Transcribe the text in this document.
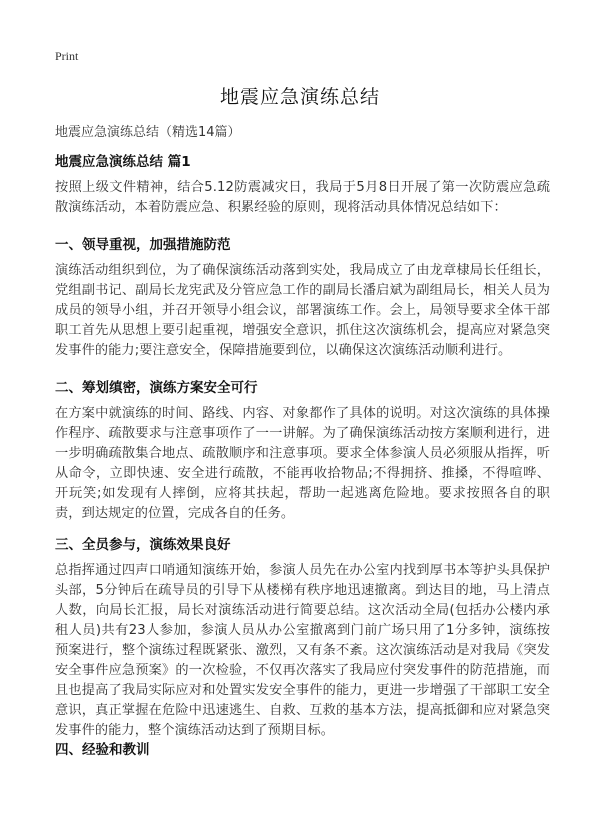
Print
地震应急演练总结
地震应急演练总结（精选14篇）
地震应急演练总结 篇1
按照上级文件精神，结合5.12防震减灾日，我局于5月8日开展了第一次防震应急疏散演练活动，本着防震应急、积累经验的原则，现将活动具体情况总结如下：
一、领导重视，加强措施防范
演练活动组织到位，为了确保演练活动落到实处，我局成立了由龙章棣局长任组长，党组副书记、副局长龙宪武及分管应急工作的副局长潘启斌为副组局长，相关人员为成员的领导小组，并召开领导小组会议，部署演练工作。会上，局领导要求全体干部职工首先从思想上要引起重视，增强安全意识，抓住这次演练机会，提高应对紧急突发事件的能力;要注意安全，保障措施要到位，以确保这次演练活动顺利进行。
二、筹划缜密，演练方案安全可行
在方案中就演练的时间、路线、内容、对象都作了具体的说明。对这次演练的具体操作程序、疏散要求与注意事项作了一一讲解。为了确保演练活动按方案顺利进行，进一步明确疏散集合地点、疏散顺序和注意事项。要求全体参演人员必须服从指挥，听从命令，立即快速、安全进行疏散，不能再收拾物品;不得拥挤、推搡，不得喧哗、开玩笑;如发现有人摔倒，应将其扶起，帮助一起逃离危险地。要求按照各自的职责，到达规定的位置，完成各自的任务。
三、全员参与，演练效果良好
总指挥通过四声口哨通知演练开始，参演人员先在办公室内找到厚书本等护头具保护头部，5分钟后在疏导员的引导下从楼梯有秩序地迅速撤离。到达目的地，马上清点人数，向局长汇报，局长对演练活动进行简要总结。这次活动全局(包括办公楼内承租人员)共有23人参加，参演人员从办公室撤离到门前广场只用了1分多钟，演练按预案进行，整个演练过程既紧张、激烈，又有条不紊。这次演练活动是对我局《突发安全事件应急预案》的一次检验，不仅再次落实了我局应付突发事件的防范措施，而且也提高了我局实际应对和处置实发安全事件的能力，更进一步增强了干部职工安全意识，真正掌握在危险中迅速逃生、自救、互救的基本方法，提高抵御和应对紧急突发事件的能力，整个演练活动达到了预期目标。
四、经验和教训
